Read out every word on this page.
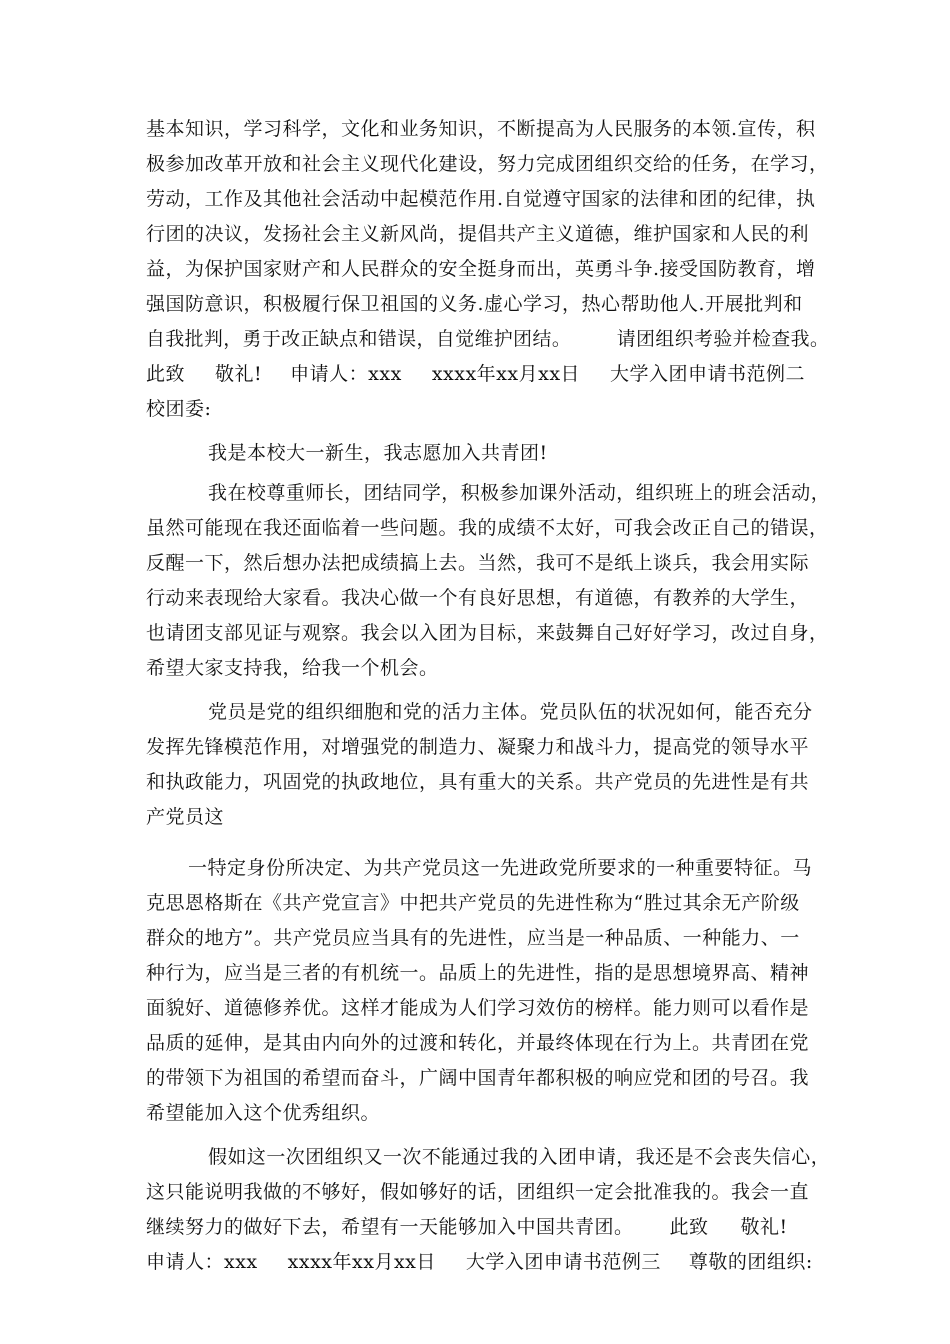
基本知识，学习科学，文化和业务知识，不断提高为人民服务的本领.宣传，积
极参加改革开放和社会主义现代化建设，努力完成团组织交给的任务，在学习，
劳动，工作及其他社会活动中起模范作用.自觉遵守国家的法律和团的纪律，执
行团的决议，发扬社会主义新风尚，提倡共产主义道德，维护国家和人民的利
益，为保护国家财产和人民群众的安全挺身而出，英勇斗争.接受国防教育，增
强国防意识，积极履行保卫祖国的义务.虚心学习，热心帮助他人.开展批判和
自我批判，勇于改正缺点和错误，自觉维护团结。 请团组织考验并检查我。
此致 敬礼! 申请人：xxx xxxx年xx月xx日 大学入团申请书范例二
校团委:
我是本校大一新生，我志愿加入共青团!
我在校尊重师长，团结同学，积极参加课外活动，组织班上的班会活动，
虽然可能现在我还面临着一些问题。我的成绩不太好，可我会改正自己的错误，
反醒一下，然后想办法把成绩搞上去。当然，我可不是纸上谈兵，我会用实际
行动来表现给大家看。我决心做一个有良好思想，有道德，有教养的大学生，
也请团支部见证与观察。我会以入团为目标，来鼓舞自己好好学习，改过自身，
希望大家支持我，给我一个机会。
党员是党的组织细胞和党的活力主体。党员队伍的状况如何，能否充分
发挥先锋模范作用，对增强党的制造力、凝聚力和战斗力，提高党的领导水平
和执政能力，巩固党的执政地位，具有重大的关系。共产党员的先进性是有共
产党员这
一特定身份所决定、为共产党员这一先进政党所要求的一种重要特征。马
克思恩格斯在《共产党宣言》中把共产党员的先进性称为“胜过其余无产阶级
群众的地方”。共产党员应当具有的先进性，应当是一种品质、一种能力、一
种行为，应当是三者的有机统一。品质上的先进性，指的是思想境界高、精神
面貌好、道德修养优。这样才能成为人们学习效仿的榜样。能力则可以看作是
品质的延伸，是其由内向外的过渡和转化，并最终体现在行为上。共青团在党
的带领下为祖国的希望而奋斗，广阔中国青年都积极的响应党和团的号召。我
希望能加入这个优秀组织。
假如这一次团组织又一次不能通过我的入团申请，我还是不会丧失信心，
这只能说明我做的不够好，假如够好的话，团组织一定会批准我的。我会一直
继续努力的做好下去，希望有一天能够加入中国共青团。 此致 敬礼!
申请人：xxx xxxx年xx月xx日 大学入团申请书范例三 尊敬的团组织:
